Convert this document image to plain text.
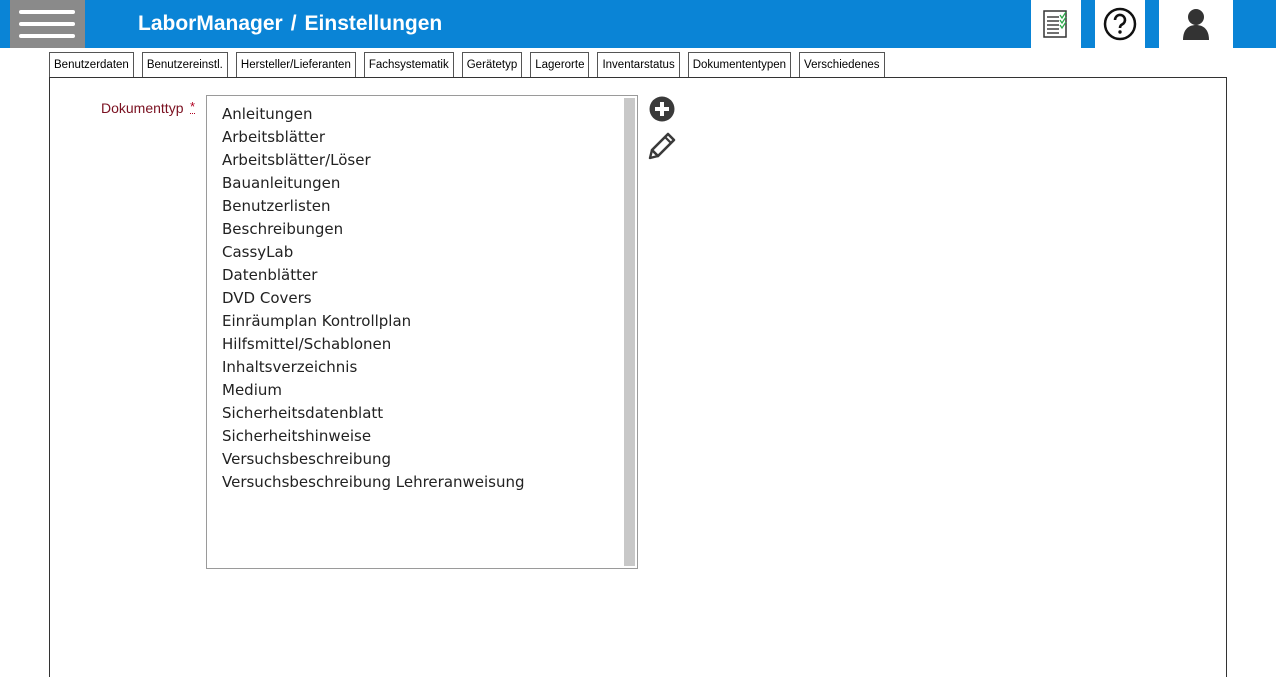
LaborManager / Einstellungen
Benutzerdaten	Benutzereinstl.	Hersteller/Lieferanten	Fachsystematik	Gerätetyp	Lagerorte	Inventarstatus	Dokumententypen	Verschiedenes
Dokumenttyp *	Anleitungen
Arbeitsblätter
Arbeitsblätter/Löser
Bauanleitungen
Benutzerlisten
Beschreibungen
CassyLab
Datenblätter
DVD Covers
Einräumplan Kontrollplan
Hilfsmittel/Schablonen
Inhaltsverzeichnis
Medium
Sicherheitsdatenblatt
Sicherheitshinweise
Versuchsbeschreibung
Versuchsbeschreibung Lehreranweisung
